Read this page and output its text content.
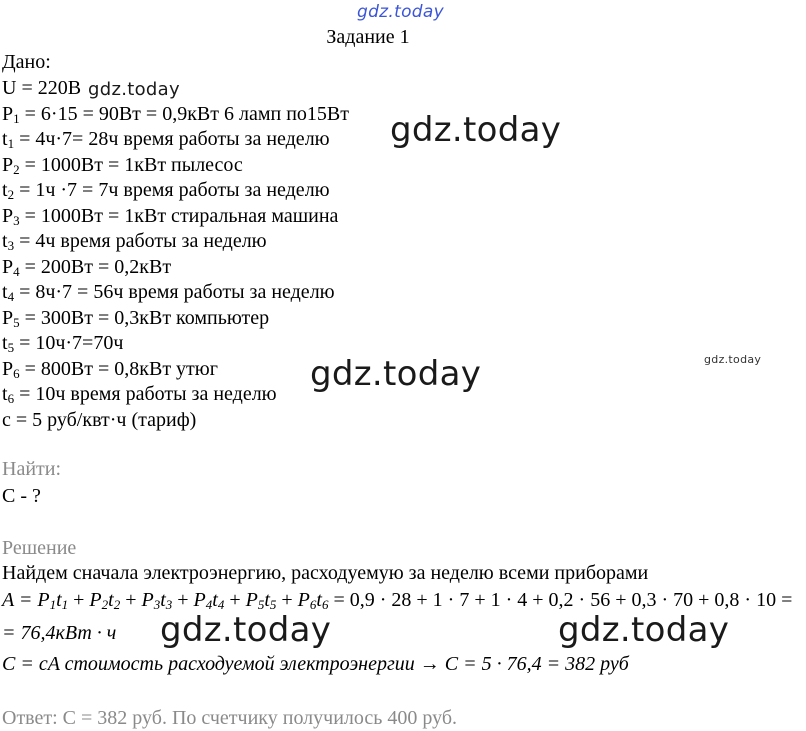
gdz.today
Задание 1
Дано:
U = 220В
$P_1 = 6\cdot 15 = 90Вт = 0,9кВт$ 6 ламп по15Вт
$t_1 = 4ч\cdot 7= 28ч$ время работы за неделю
$P_2 = 1000Вт = 1кВт$ пылесос
$t_2 = 1ч \cdot 7 = 7ч$ время работы за неделю
$P_3 = 1000Вт = 1кВт$ стиральная машина
$t_3 = 4ч$ время работы за неделю
$P_4 = 200Вт = 0,2кВт$
$t_4 = 8ч\cdot 7 = 56ч$ время работы за неделю
$P_5 = 300Вт = 0,3кВт$ компьютер
$t_5 = 10ч\cdot 7=70ч$
$P_6 = 800Вт = 0,8кВт$ утюг
$t_6 = 10ч$ время работы за неделю
c = 5 руб/квт·ч (тариф)
Найти:
С - ?
Решение
Найдем сначала электроэнергию, расходуемую за неделю всеми приборами
$A = P_1t_1 + P_2t_2 + P_3t_3 + P_4t_4 + P_5t_5 + P_6t_6 = 0,9 \cdot 28 + 1 \cdot 7 + 1 \cdot 4 + 0,2 \cdot 56 + 0,3 \cdot 70 + 0,8 \cdot 10$ =
= 76,4кВт · ч
C = cA стоимость расходуемой электроэнергии → C = 5 · 76,4 = 382 руб
Ответ: С = 382 руб. По счетчику получилось 400 руб.
gdz.today
gdz.today
gdz.today
gdz.today
gdz.today	gdz.today
